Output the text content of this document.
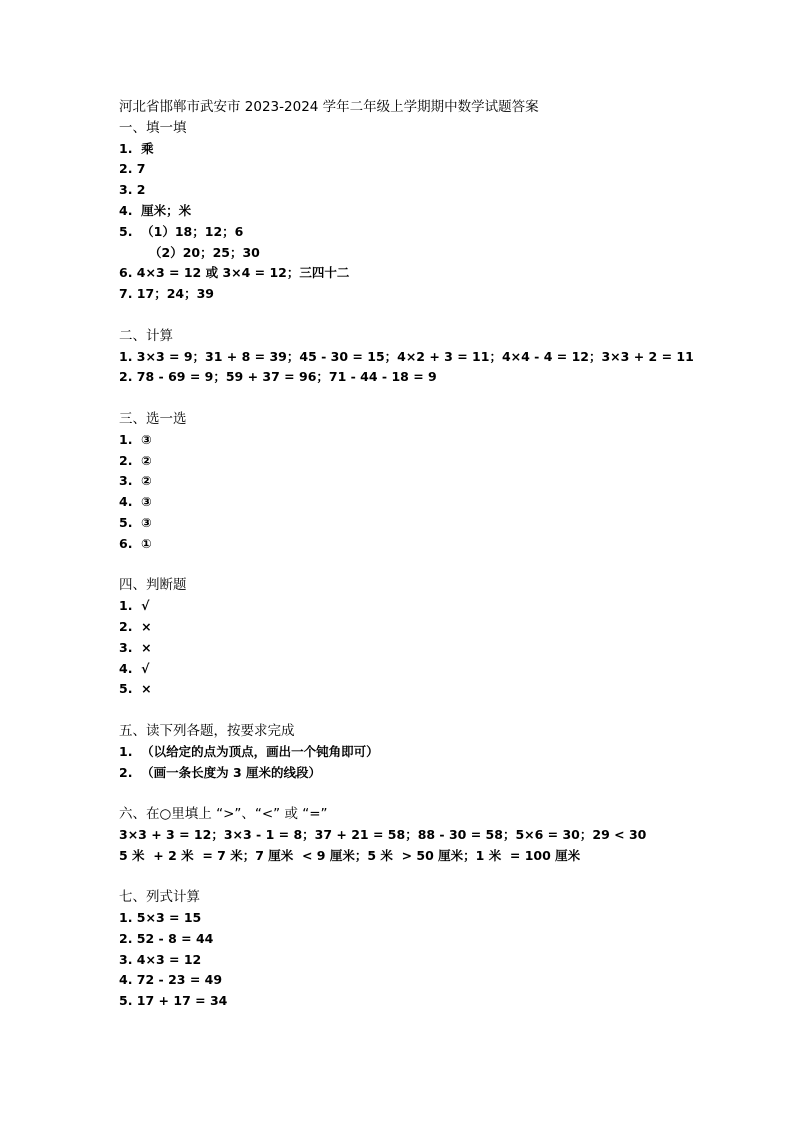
河北省邯郸市武安市 2023-2024 学年二年级上学期期中数学试题答案
一、填一填
1.  乘
2. 7
3. 2
4.  厘米；米
5.  （1）18；12；6
（2）20；25；30
6. 4×3 = 12 或 3×4 = 12；三四十二
7. 17；24；39
二、计算
1. 3×3 = 9；31 + 8 = 39；45 - 30 = 15；4×2 + 3 = 11；4×4 - 4 = 12；3×3 + 2 = 11
2. 78 - 69 = 9；59 + 37 = 96；71 - 44 - 18 = 9
三、选一选
1.  ③
2.  ②
3.  ②
4.  ③
5.  ③
6.  ①
四、判断题
1.  √
2.  ×
3.  ×
4.  √
5.  ×
五、读下列各题，按要求完成
1.  （以给定的点为顶点，画出一个钝角即可）
2.  （画一条长度为 3 厘米的线段）
六、在○里填上 “>”、“<” 或 “=”
3×3 + 3 = 12；3×3 - 1 = 8；37 + 21 = 58；88 - 30 = 58；5×6 = 30；29 < 30
5 米  + 2 米  = 7 米；7 厘米  < 9 厘米；5 米  > 50 厘米；1 米  = 100 厘米
七、列式计算
1. 5×3 = 15
2. 52 - 8 = 44
3. 4×3 = 12
4. 72 - 23 = 49
5. 17 + 17 = 34
